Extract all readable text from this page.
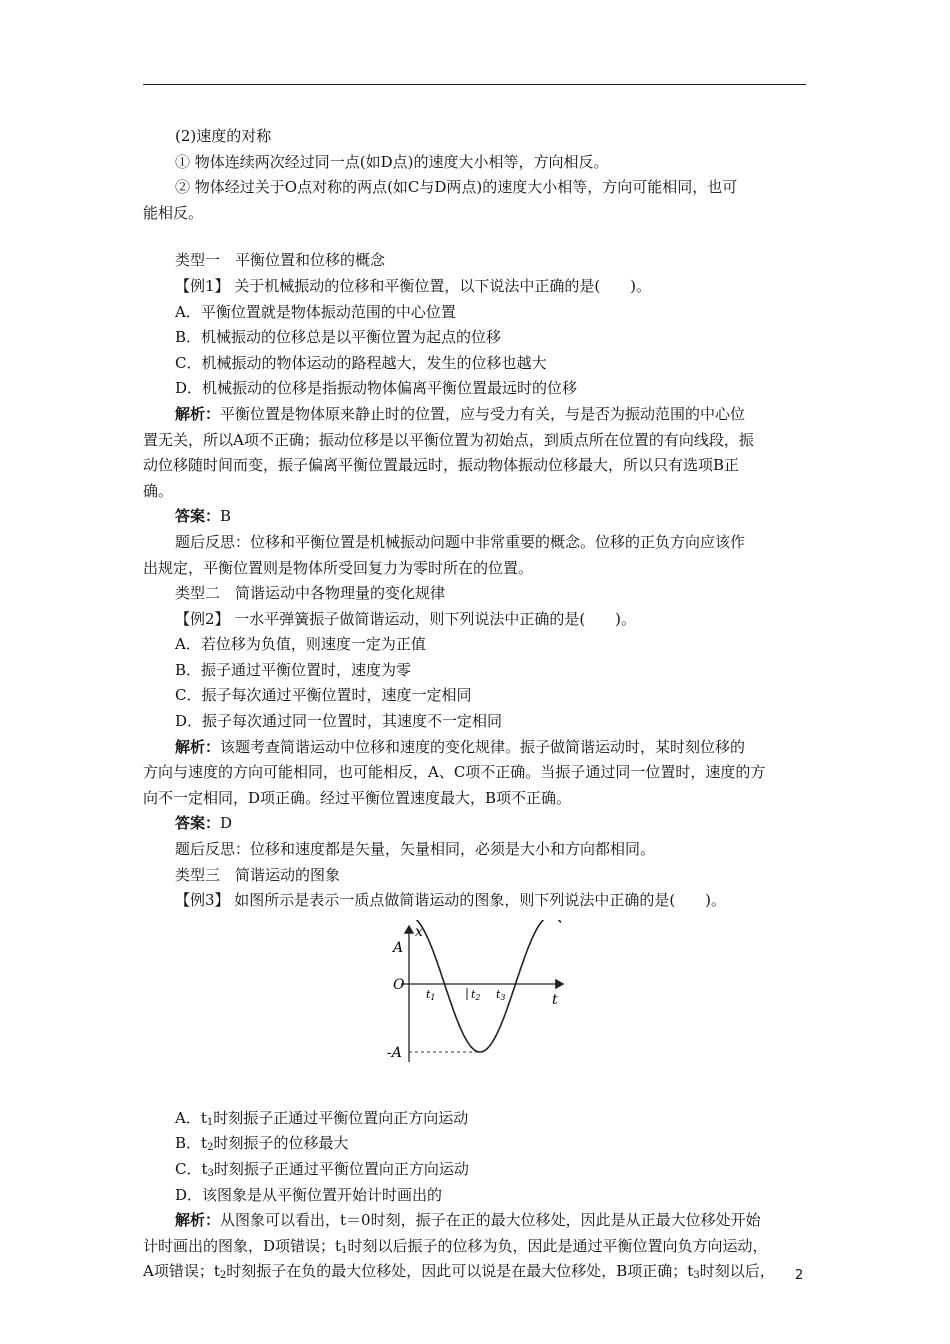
(2)速度的对称
① 物体连续两次经过同一点(如D点)的速度大小相等，方向相反。
② 物体经过关于O点对称的两点(如C与D两点)的速度大小相等，方向可能相同，也可
能相反。
类型一　平衡位置和位移的概念
【例1】 关于机械振动的位移和平衡位置，以下说法中正确的是(　　)。
A．平衡位置就是物体振动范围的中心位置
B．机械振动的位移总是以平衡位置为起点的位移
C．机械振动的物体运动的路程越大，发生的位移也越大
D．机械振动的位移是指振动物体偏离平衡位置最远时的位移
解析：平衡位置是物体原来静止时的位置，应与受力有关，与是否为振动范围的中心位
置无关，所以A项不正确；振动位移是以平衡位置为初始点，到质点所在位置的有向线段，振
动位移随时间而变，振子偏离平衡位置最远时，振动物体振动位移最大，所以只有选项B正
确。
答案：B
题后反思：位移和平衡位置是机械振动问题中非常重要的概念。位移的正负方向应该作
出规定，平衡位置则是物体所受回复力为零时所在的位置。
类型二　简谐运动中各物理量的变化规律
【例2】 一水平弹簧振子做简谐运动，则下列说法中正确的是(　　)。
A．若位移为负值，则速度一定为正值
B．振子通过平衡位置时，速度为零
C．振子每次通过平衡位置时，速度一定相同
D．振子每次通过同一位置时，其速度不一定相同
解析：该题考查简谐运动中位移和速度的变化规律。振子做简谐运动时，某时刻位移的
方向与速度的方向可能相同，也可能相反，A、C项不正确。当振子通过同一位置时，速度的方
向不一定相同，D项正确。经过平衡位置速度最大，B项不正确。
答案：D
题后反思：位移和速度都是矢量，矢量相同，必须是大小和方向都相同。
类型三　简谐运动的图象
【例3】 如图所示是表示一质点做简谐运动的图象，则下列说法中正确的是(　　)。
x
t
A
-A
O
t1	t2 t3
A．$t_1$时刻振子正通过平衡位置向正方向运动
B．$t_2$时刻振子的位移最大
C．$t_3$时刻振子正通过平衡位置向正方向运动
D．该图象是从平衡位置开始计时画出的
解析：从图象可以看出，t＝0时刻，振子在正的最大位移处，因此是从正最大位移处开始
计时画出的图象，D项错误；$t_1$时刻以后振子的位移为负，因此是通过平衡位置向负方向运动，
A项错误；$t_2$时刻振子在负的最大位移处，因此可以说是在最大位移处，B项正确；$t_3$时刻以后，	2
